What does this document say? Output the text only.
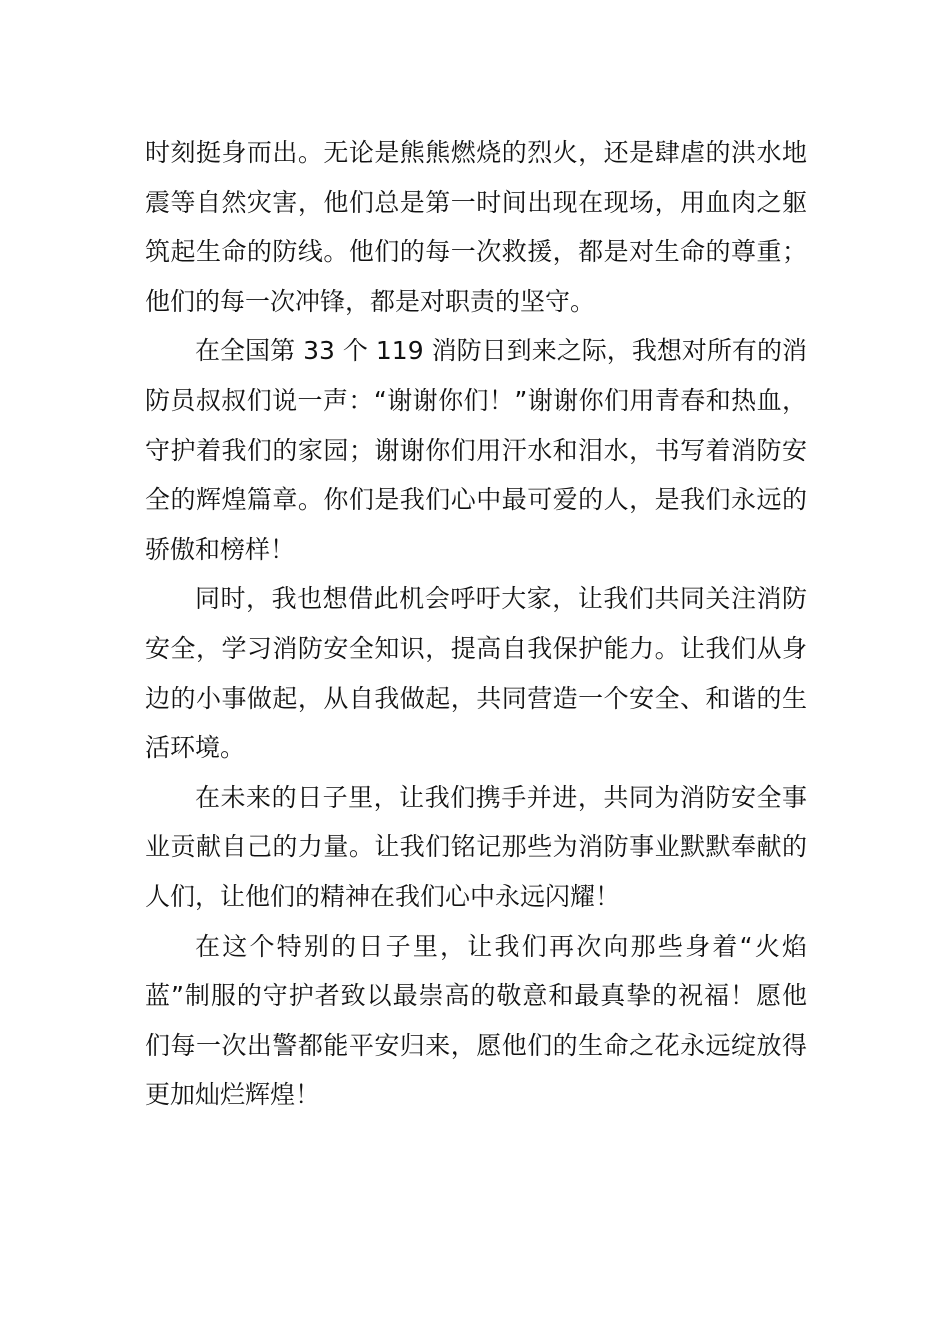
时刻挺身而出。无论是熊熊燃烧的烈火，还是肆虐的洪水地震等自然灾害，他们总是第一时间出现在现场，用血肉之躯筑起生命的防线。他们的每一次救援，都是对生命的尊重；他们的每一次冲锋，都是对职责的坚守。

在全国第 33 个 119 消防日到来之际，我想对所有的消防员叔叔们说一声：“谢谢你们！”谢谢你们用青春和热血，守护着我们的家园；谢谢你们用汗水和泪水，书写着消防安全的辉煌篇章。你们是我们心中最可爱的人，是我们永远的骄傲和榜样！

同时，我也想借此机会呼吁大家，让我们共同关注消防安全，学习消防安全知识，提高自我保护能力。让我们从身边的小事做起，从自我做起，共同营造一个安全、和谐的生活环境。

在未来的日子里，让我们携手并进，共同为消防安全事业贡献自己的力量。让我们铭记那些为消防事业默默奉献的人们，让他们的精神在我们心中永远闪耀！

在这个特别的日子里，让我们再次向那些身着“火焰蓝”制服的守护者致以最崇高的敬意和最真挚的祝福！愿他们每一次出警都能平安归来，愿他们的生命之花永远绽放得更加灿烂辉煌！
